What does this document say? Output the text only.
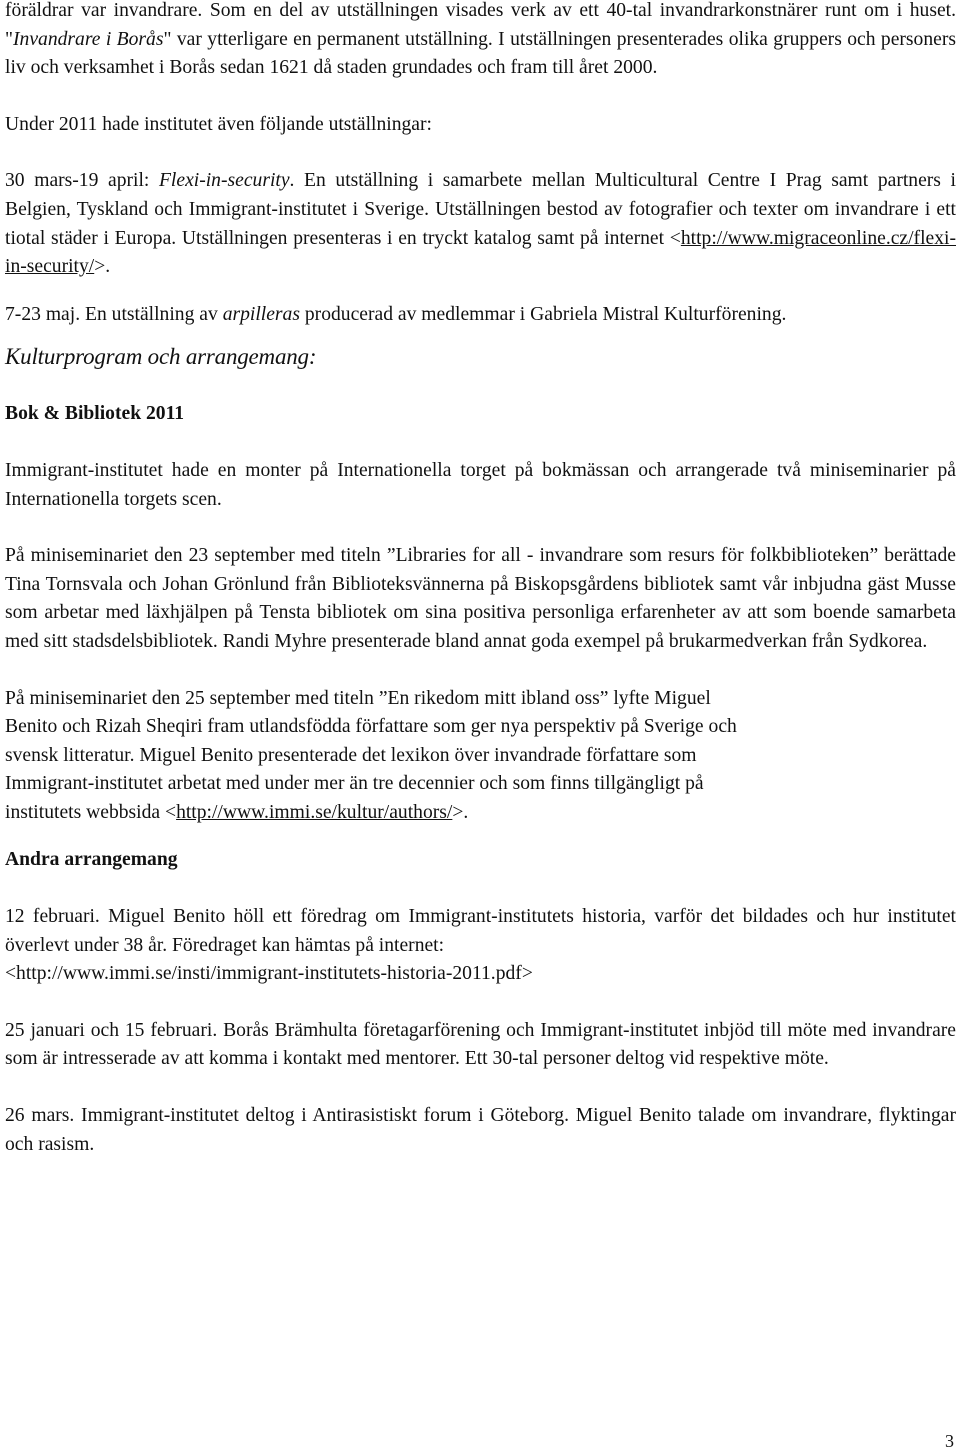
föräldrar var invandrare. Som en del av utställningen visades verk av ett 40-tal invandrarkonstnärer runt om i huset. "Invandrare i Borås" var ytterligare en permanent utställning. I utställningen presenterades olika gruppers och personers liv och verksamhet i Borås sedan 1621 då staden grundades och fram till året 2000.

Under 2011 hade institutet även följande utställningar:

30 mars-19 april: Flexi-in-security. En utställning i samarbete mellan Multicultural Centre I Prag samt partners i Belgien, Tyskland och Immigrant-institutet i Sverige. Utställningen bestod av fotografier och texter om invandrare i ett tiotal städer i Europa. Utställningen presenteras i en tryckt katalog samt på internet <http://www.migraceonline.cz/flexi-in-security/>.

7-23 maj. En utställning av arpilleras producerad av medlemmar i Gabriela Mistral Kulturförening.

Kulturprogram och arrangemang:

Bok & Bibliotek 2011

Immigrant-institutet hade en monter på Internationella torget på bokmässan och arrangerade två miniseminarier på Internationella torgets scen.

På miniseminariet den 23 september med titeln ”Libraries for all - invandrare som resurs för folkbiblioteken” berättade Tina Tornsvala och Johan Grönlund från Biblioteksvännerna på Biskopsgårdens bibliotek samt vår inbjudna gäst Musse som arbetar med läxhjälpen på Tensta bibliotek om sina positiva personliga erfarenheter av att som boende samarbeta med sitt stadsdelsbibliotek. Randi Myhre presenterade bland annat goda exempel på brukarmedverkan från Sydkorea.

På miniseminariet den 25 september med titeln ”En rikedom mitt ibland oss” lyfte Miguel

Benito och Rizah Sheqiri fram utlandsfödda författare som ger nya perspektiv på Sverige och

svensk litteratur. Miguel Benito presenterade det lexikon över invandrade författare som

Immigrant-institutet arbetat med under mer än tre decennier och som finns tillgängligt på

institutets webbsida <http://www.immi.se/kultur/authors/>.

Andra arrangemang

12 februari. Miguel Benito höll ett föredrag om Immigrant-institutets historia, varför det bildades och hur institutet överlevt under 38 år. Föredraget kan hämtas på internet:

<http://www.immi.se/insti/immigrant-institutets-historia-2011.pdf>

25 januari och 15 februari. Borås Brämhulta företagarförening och Immigrant-institutet inbjöd till möte med invandrare som är intresserade av att komma i kontakt med mentorer. Ett 30-tal personer deltog vid respektive möte.

26 mars. Immigrant-institutet deltog i Antirasistiskt forum i Göteborg. Miguel Benito talade om invandrare, flyktingar och rasism.

3
